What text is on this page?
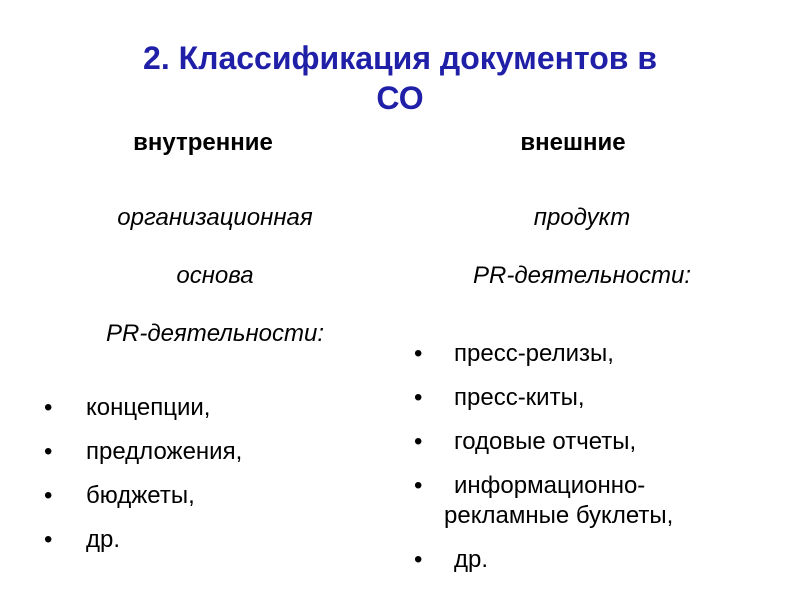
2. Классификация документов в
СО
внутренние

организационная

основа

PR-деятельности:

• концепции,
• предложения,
• бюджеты,
• др.
внешние

продукт

PR-деятельности:

• пресс-релизы,
• пресс-киты,
• годовые отчеты,
• информационно-
рекламные буклеты,
• др.
